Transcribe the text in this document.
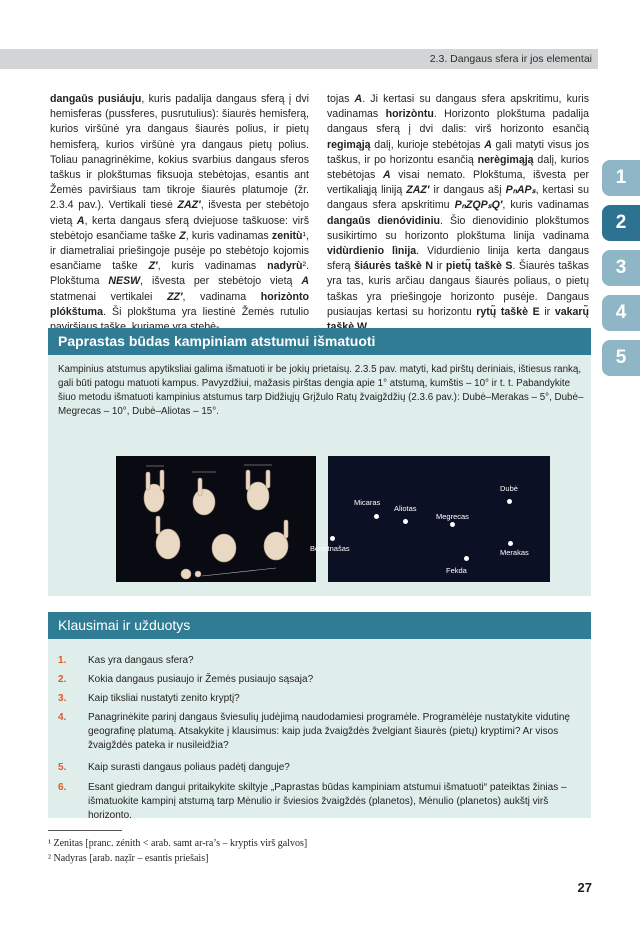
2.3. Dangaus sfera ir jos elementai
1
2
3
4
5

dangaūs pusiáuju, kuris padalija dangaus sferą į dvi hemisferas (pussferes, pusrutulius): šiaurės hemisferą, kurios viršūnė yra dangaus šiaurės polius, ir pietų hemisferą, kurios viršūnė yra dangaus pietų polius. Toliau panagrinėkime, kokius svarbius dangaus sferos taškus ir plokštumas fiksuoja stebėtojas, esantis ant Žemės paviršiaus tam tikroje šiaurės platumoje (žr. 2.3.4 pav.). Vertikali tiesė ZAZ′, išvesta per stebėtojo vietą A, kerta dangaus sferą dviejuose taškuose: virš stebėtojo esančiame taške Z, kuris vadinamas zenitù¹, ir diametraliai priešingoje pusėje po stebėtojo kojomis esančiame taške Z′, kuris vadinamas nadyrù². Plokštuma NESW, išvesta per stebėtojo vietą A statmenai vertikalei ZZ′, vadinama horizònto plókštuma. Ši plokštuma yra liestinė Žemės rutulio

tojas A. Ji kertasi su dangaus sfera apskritimu, kuris vadinamas horizòntu. Horizonto plokštuma padalija dangaus sferą į dvi dalis: virš horizonto esančią regimąją dalį, kurioje stebėtojas A gali matyti visus jos taškus, ir po horizontu esančią nerègimąją dalį, kurios stebėtojas A visai nemato. Plokštuma, išvesta per vertikaliąją liniją ZAZ′ ir dangaus ašį PₙAPₛ, kertasi su dangaus sfera apskritimu PₙZQPₛQ′, kuris vadinamas dangaūs dienóvidiniu. Šio dienovidinio plokštumos susikirtimo su horizonto plokštuma linija vadinama vidùrdienio lìnija. Vidurdienio linija kerta dangaus sferą šiáurės taškè N ir pietų̃ taškè S. Šiaurės taškas yra tas, kuris arčiau dangaus šiaurės poliaus, o pietų taškas yra priešingoje horizonto pusėje. Dangaus pusiaujas kertasi su horizontu rytų̃ taškè E ir vakarų̃

Paprastas būdas kampiniam atstumui išmatuoti
Kampinius atstumus apytiksliai galima išmatuoti ir be jokių prietaisų. 2.3.5 pav. matyti, kad pirštų deriniais, ištiesus ranką, gali būti patogu matuoti kampus. Pavyzdžiui, mažasis pirštas dengia apie 1° atstumą, kumštis – 10° ir t. t. Pabandykite šiuo metodu išmatuoti kampinius atstumus tarp Didžiųjų Grįžulo Ratų žvaigždžių (2.3.6 pav.): Dubė–Merakas – 5°, Dubė–Megrecas – 10°, Dubė–Aliotas – 15°.
Dubė
Micaras
Aliotas
Megrecas
Benetnašas	Merakas
Fekda
Klausimai ir užduotys
1. Kas yra dangaus sfera?
2. Kokia dangaus pusiaujo ir Žemės pusiaujo sąsaja?
3. Kaip tiksliai nustatyti zenito kryptį?
4. Panagrinėkite parinį dangaus šviesulių judėjimą naudodamiesi programėle. Programėlėje nustatykite vidutinę geografinę platumą. Atsakykite į klausimus: kaip juda žvaigždės žvelgiant šiaurės (pietų) kryptimi? Ar visos žvaigždės pateka ir nusileidžia?
5. Kaip surasti dangaus poliaus padėtį danguje?
6. Esant giedram dangui pritaikykite skiltyje „Paprastas būdas kampiniam atstumui išmatuoti“ pateiktas žinias – išmatuokite kampinį atstumą tarp Mėnulio ir šviesios žvaigždės (planetos), Mėnulio (planetos) aukštį virš horizonto.
¹ Zenìtas [pranc. zénith < arab. samt ar-ra’s – kryptis virš galvos]
² Nadyras [arab. naẓīr – esantis priešais]
27
